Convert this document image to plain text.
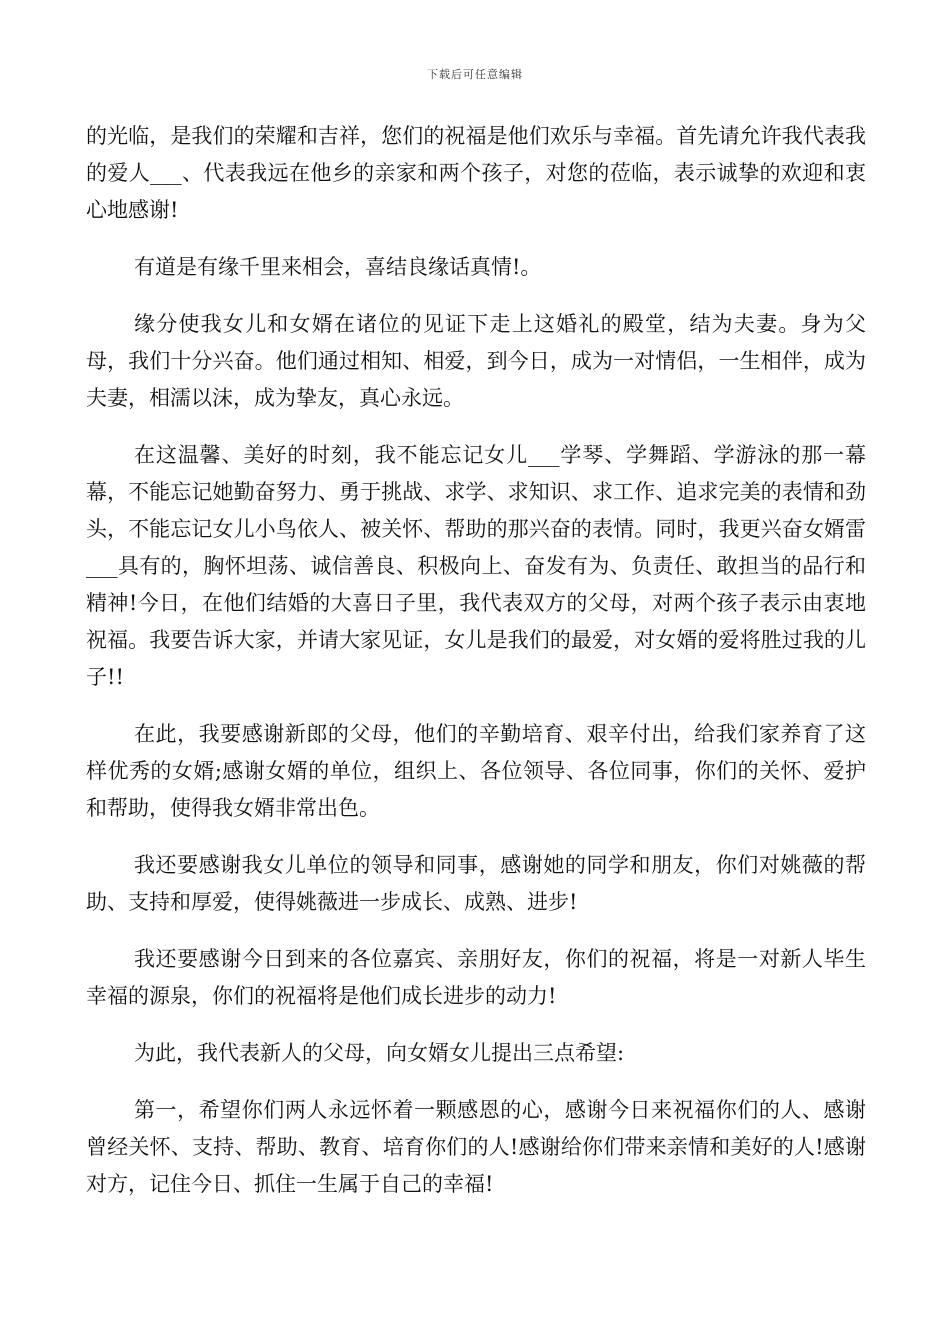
下载后可任意编辑

的光临，是我们的荣耀和吉祥，您们的祝福是他们欢乐与幸福。首先请允许我代表我的爱人___、代表我远在他乡的亲家和两个孩子，对您的莅临，表示诚挚的欢迎和衷心地感谢!

有道是有缘千里来相会，喜结良缘话真情!。

缘分使我女儿和女婿在诸位的见证下走上这婚礼的殿堂，结为夫妻。身为父母，我们十分兴奋。他们通过相知、相爱，到今日，成为一对情侣，一生相伴，成为夫妻，相濡以沫，成为挚友，真心永远。

在这温馨、美好的时刻，我不能忘记女儿___学琴、学舞蹈、学游泳的那一幕幕，不能忘记她勤奋努力、勇于挑战、求学、求知识、求工作、追求完美的表情和劲头，不能忘记女儿小鸟依人、被关怀、帮助的那兴奋的表情。同时，我更兴奋女婿雷___具有的，胸怀坦荡、诚信善良、积极向上、奋发有为、负责任、敢担当的品行和精神!今日，在他们结婚的大喜日子里，我代表双方的父母，对两个孩子表示由衷地祝福。我要告诉大家，并请大家见证，女儿是我们的最爱，对女婿的爱将胜过我的儿子!!

在此，我要感谢新郎的父母，他们的辛勤培育、艰辛付出，给我们家养育了这样优秀的女婿;感谢女婿的单位，组织上、各位领导、各位同事，你们的关怀、爱护和帮助，使得我女婿非常出色。

我还要感谢我女儿单位的领导和同事，感谢她的同学和朋友，你们对姚薇的帮助、支持和厚爱，使得姚薇进一步成长、成熟、进步!

我还要感谢今日到来的各位嘉宾、亲朋好友，你们的祝福，将是一对新人毕生幸福的源泉，你们的祝福将是他们成长进步的动力!

为此，我代表新人的父母，向女婿女儿提出三点希望:

第一，希望你们两人永远怀着一颗感恩的心，感谢今日来祝福你们的人、感谢曾经关怀、支持、帮助、教育、培育你们的人!感谢给你们带来亲情和美好的人!感谢对方，记住今日、抓住一生属于自己的幸福!
